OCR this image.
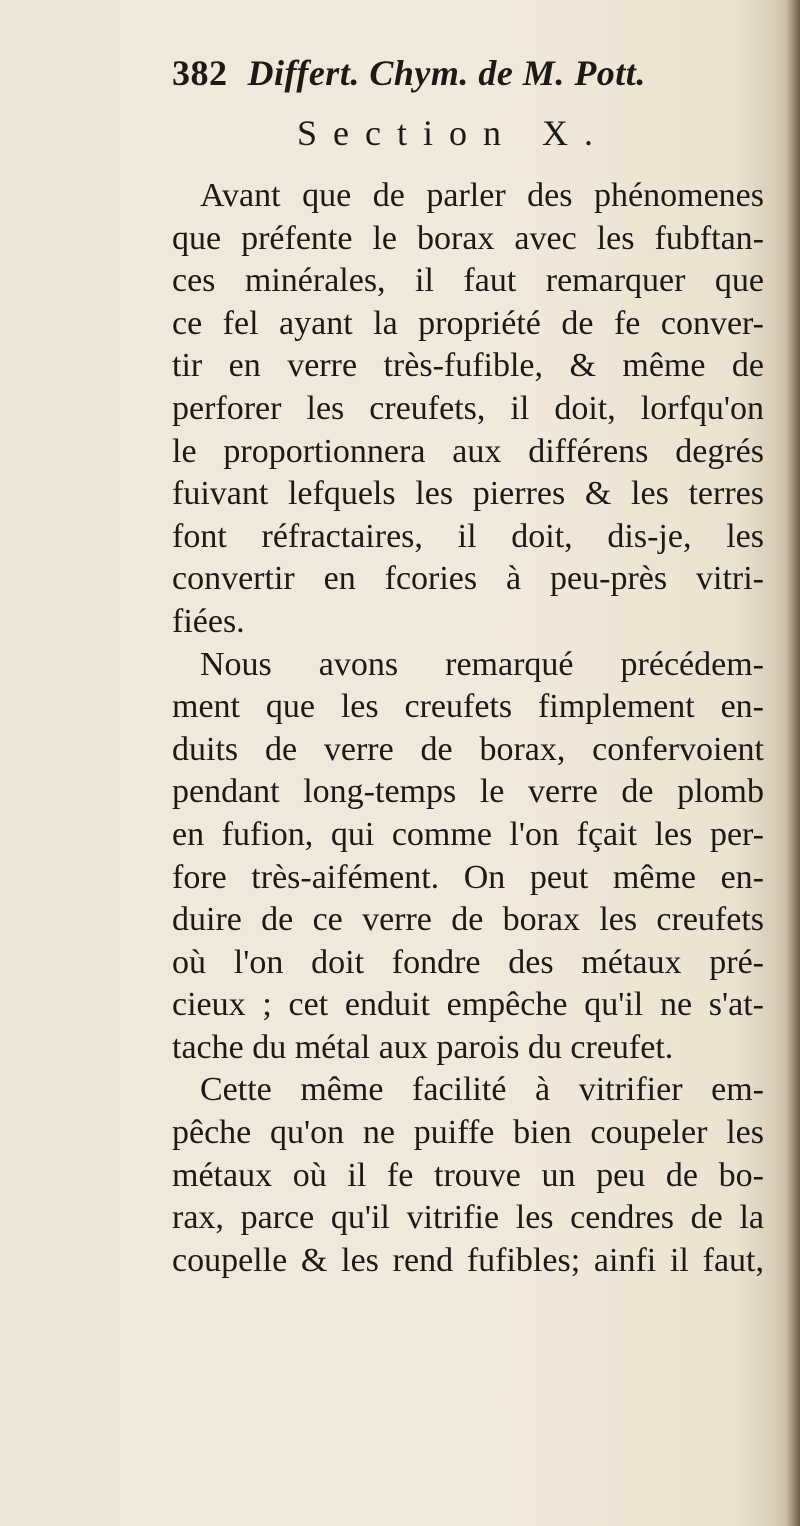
382 Differt. Chym. de M. Pott.
Section X.
Avant que de parler des phénomenes
que préfente le borax avec les fubftan-
ces minérales, il faut remarquer que
ce fel ayant la propriété de fe conver-
tir en verre très-fufible, & même de
perforer les creufets, il doit, lorfqu'on
le proportionnera aux différens degrés
fuivant lefquels les pierres & les terres
font réfractaires, il doit, dis-je, les
convertir en fcories à peu-près vitri-
fiées.
Nous avons remarqué précédem-
ment que les creufets fimplement en-
duits de verre de borax, confervoient
pendant long-temps le verre de plomb
en fufion, qui comme l'on fçait les per-
fore très-aifément. On peut même en-
duire de ce verre de borax les creufets
où l'on doit fondre des métaux pré-
cieux ; cet enduit empêche qu'il ne s'at-
tache du métal aux parois du creufet.
Cette même facilité à vitrifier em-
pêche qu'on ne puiffe bien coupeler les
métaux où il fe trouve un peu de bo-
rax, parce qu'il vitrifie les cendres de la
coupelle & les rend fufibles; ainfi il faut,
